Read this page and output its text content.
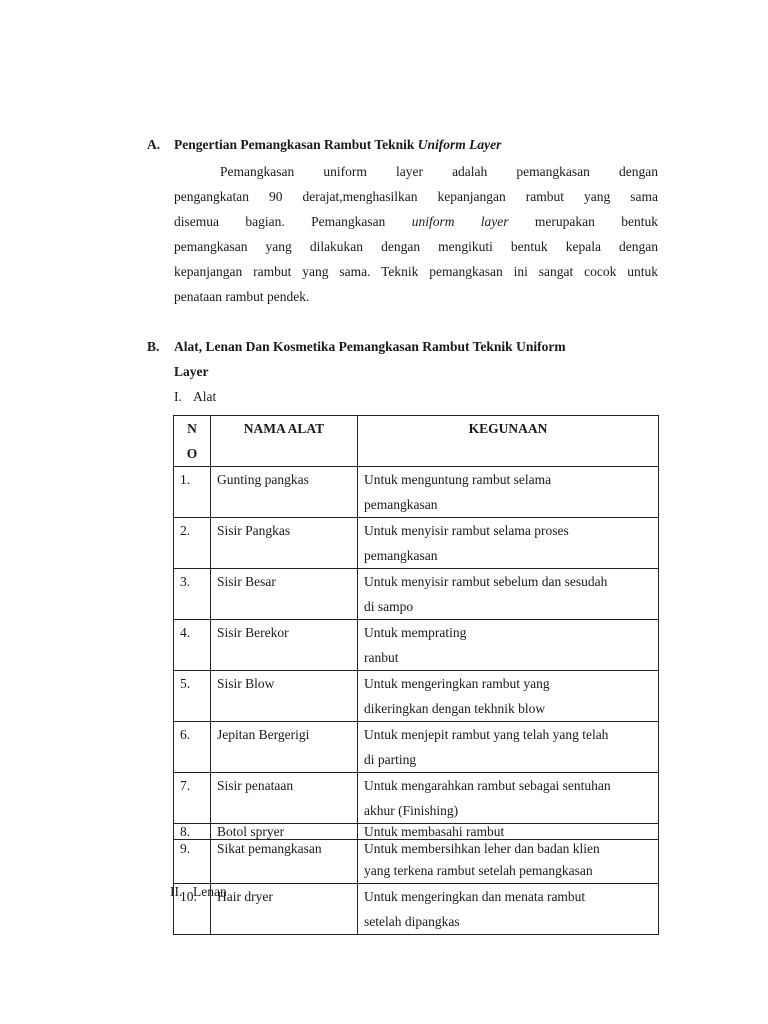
A. Pengertian Pemangkasan Rambut Teknik Uniform Layer
Pemangkasan uniform layer adalah pemangkasan dengan
pengangkatan 90 derajat,menghasilkan kepanjangan rambut yang sama
disemua bagian. Pemangkasan uniform layer merupakan bentuk
pemangkasan yang dilakukan dengan mengikuti bentuk kepala dengan
kepanjangan rambut yang sama. Teknik pemangkasan ini sangat cocok untuk
penataan rambut pendek.
B. Alat, Lenan Dan Kosmetika Pemangkasan Rambut Teknik Uniform
Layer
I. Alat
N
O	NAMA ALAT	KEGUNAAN
1.	Gunting pangkas	Untuk menguntung rambut selama
pemangkasan

2.	Sisir Pangkas	Untuk menyisir rambut selama proses
pemangkasan

3.	Sisir Besar	Untuk menyisir rambut sebelum dan sesudah
di sampo

4.	Sisir Berekor	Untuk memprating
ranbut

5.	Sisir Blow	Untuk mengeringkan rambut yang
dikeringkan dengan tekhnik blow

6.	Jepitan Bergerigi	Untuk menjepit rambut yang telah yang telah
di parting

7.	Sisir penataan	Untuk mengarahkan rambut sebagai sentuhan
akhur (Finishing)

8.	Botol spryer	Untuk membasahi rambut
9.	Sikat pemangkasan	Untuk membersihkan leher dan badan klien
yang terkena rambut setelah pemangkasan

10.	Hair dryer	Untuk mengeringkan dan menata rambut
setelah dipangkas
II. Lenan
